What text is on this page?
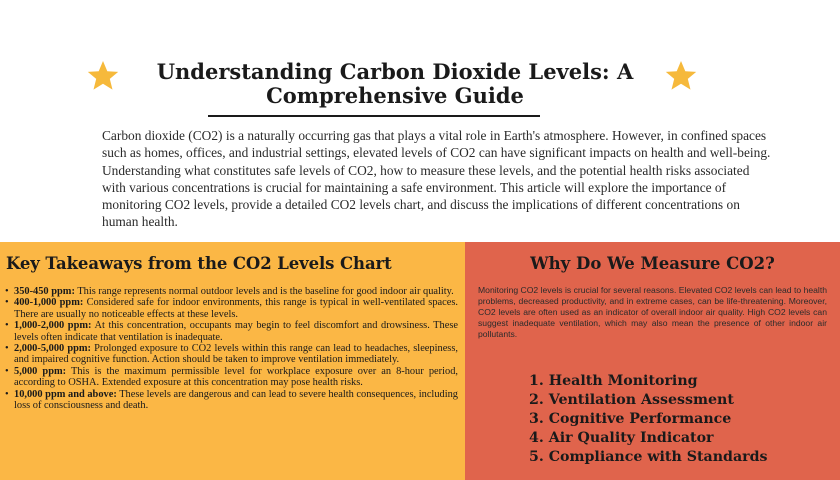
Understanding Carbon Dioxide Levels: A Comprehensive Guide

Carbon dioxide (CO2) is a naturally occurring gas that plays a vital role in Earth's atmosphere. However, in confined spaces such as homes, offices, and industrial settings, elevated levels of CO2 can have significant impacts on health and well-being. Understanding what constitutes safe levels of CO2, how to measure these levels, and the potential health risks associated with various concentrations is crucial for maintaining a safe environment. This article will explore the importance of monitoring CO2 levels, provide a detailed CO2 levels chart, and discuss the implications of different concentrations on human health.

Key Takeaways from the CO2 Levels Chart
• 350-450 ppm: This range represents normal outdoor levels and is the baseline for good indoor air quality.
• 400-1,000 ppm: Considered safe for indoor environments, this range is typical in well-ventilated spaces. There are usually no noticeable effects at these levels.
• 1,000-2,000 ppm: At this concentration, occupants may begin to feel discomfort and drowsiness. These levels often indicate that ventilation is inadequate.
• 2,000-5,000 ppm: Prolonged exposure to CO2 levels within this range can lead to headaches, sleepiness, and impaired cognitive function. Action should be taken to improve ventilation immediately.
• 5,000 ppm: This is the maximum permissible level for workplace exposure over an 8-hour period, according to OSHA. Extended exposure at this concentration may pose health risks.
• 10,000 ppm and above: These levels are dangerous and can lead to severe health consequences, including loss of consciousness and death.
Why Do We Measure CO2?

Monitoring CO2 levels is crucial for several reasons. Elevated CO2 levels can lead to health problems, decreased productivity, and in extreme cases, can be life-threatening. Moreover, CO2 levels are often used as an indicator of overall indoor air quality. High CO2 levels can suggest inadequate ventilation, which may also mean the presence of other indoor air pollutants.

1. Health Monitoring
2. Ventilation Assessment
3. Cognitive Performance
4. Air Quality Indicator
5. Compliance with Standards
